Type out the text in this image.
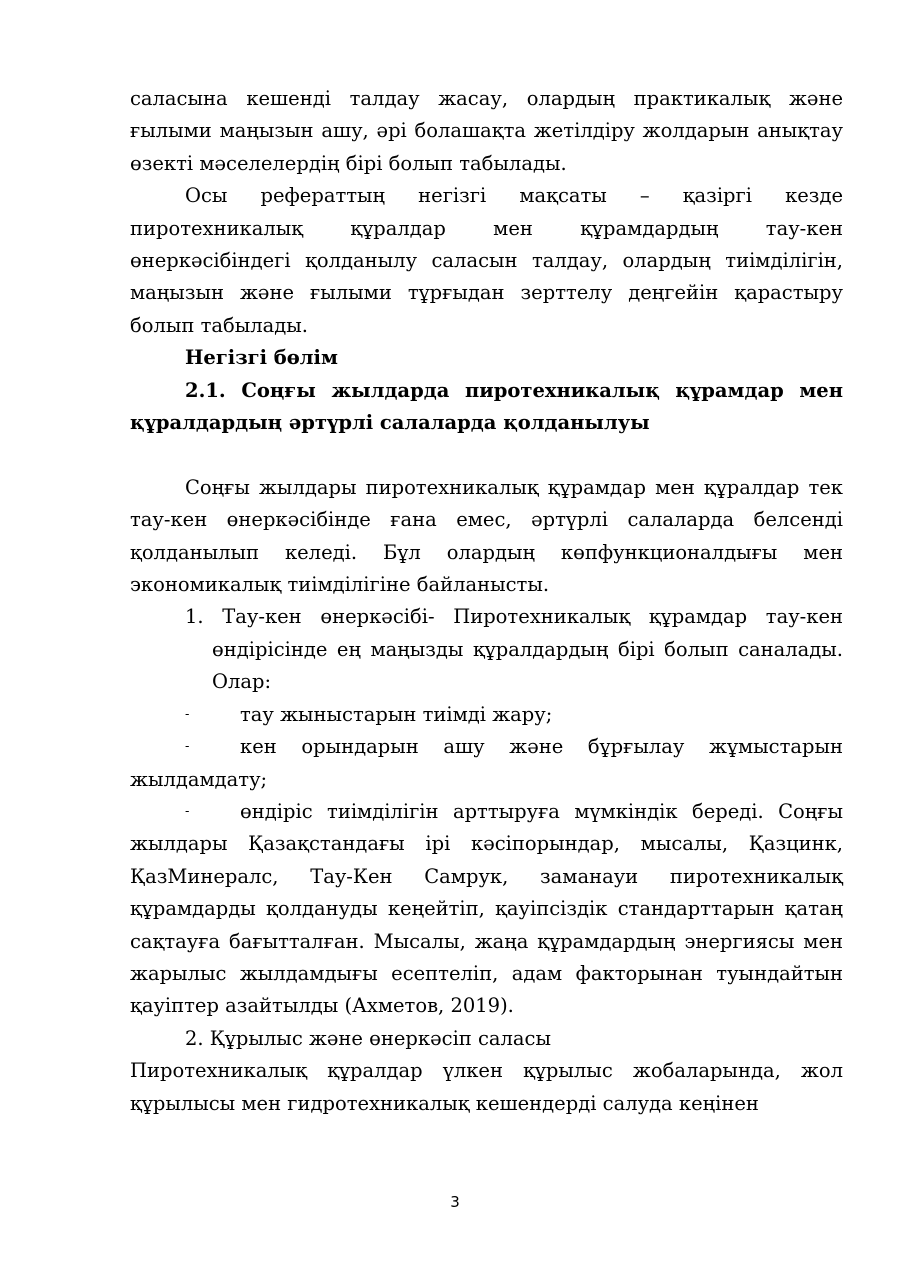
саласына кешенді талдау жасау, олардың практикалық және ғылыми маңызын ашу, әрі болашақта жетілдіру жолдарын анықтау өзекті мәселелердің бірі болып табылады.

Осы рефераттың негізгі мақсаты – қазіргі кезде пиротехникалық құралдар мен құрамдардың тау-кен өнеркәсібіндегі қолданылу саласын талдау, олардың тиімділігін, маңызын және ғылыми тұрғыдан зерттелу деңгейін қарастыру болып табылады.

Негізгі бөлім

2.1. Соңғы жылдарда пиротехникалық құрамдар мен құралдардың әртүрлі салаларда қолданылуы

Соңғы жылдары пиротехникалық құрамдар мен құралдар тек тау-кен өнеркәсібінде ғана емес, әртүрлі салаларда белсенді қолданылып келеді. Бұл олардың көпфункционалдығы мен экономикалық тиімділігіне байланысты.

1. Тау-кен өнеркәсібі- Пиротехникалық құрамдар тау-кен өндірісінде ең маңызды құралдардың бірі болып саналады. Олар:

-	тау жыныстарын тиімді жару;

-	кен орындарын ашу және бұрғылау жұмыстарын жылдамдату;

-	өндіріс тиімділігін арттыруға мүмкіндік береді. Соңғы жылдары Қазақстандағы ірі кәсіпорындар, мысалы, Қазцинк, ҚазМинералс, Тау-Кен Самрук, заманауи пиротехникалық құрамдарды қолдануды кеңейтіп, қауіпсіздік стандарттарын қатаң сақтауға бағытталған. Мысалы, жаңа құрамдардың энергиясы мен жарылыс жылдамдығы есептеліп, адам факторынан туындайтын қауіптер азайтылды (Ахметов, 2019).

2. Құрылыс және өнеркәсіп саласы

Пиротехникалық құралдар үлкен құрылыс жобаларында, жол құрылысы мен гидротехникалық кешендерді салуда кеңінен

3
